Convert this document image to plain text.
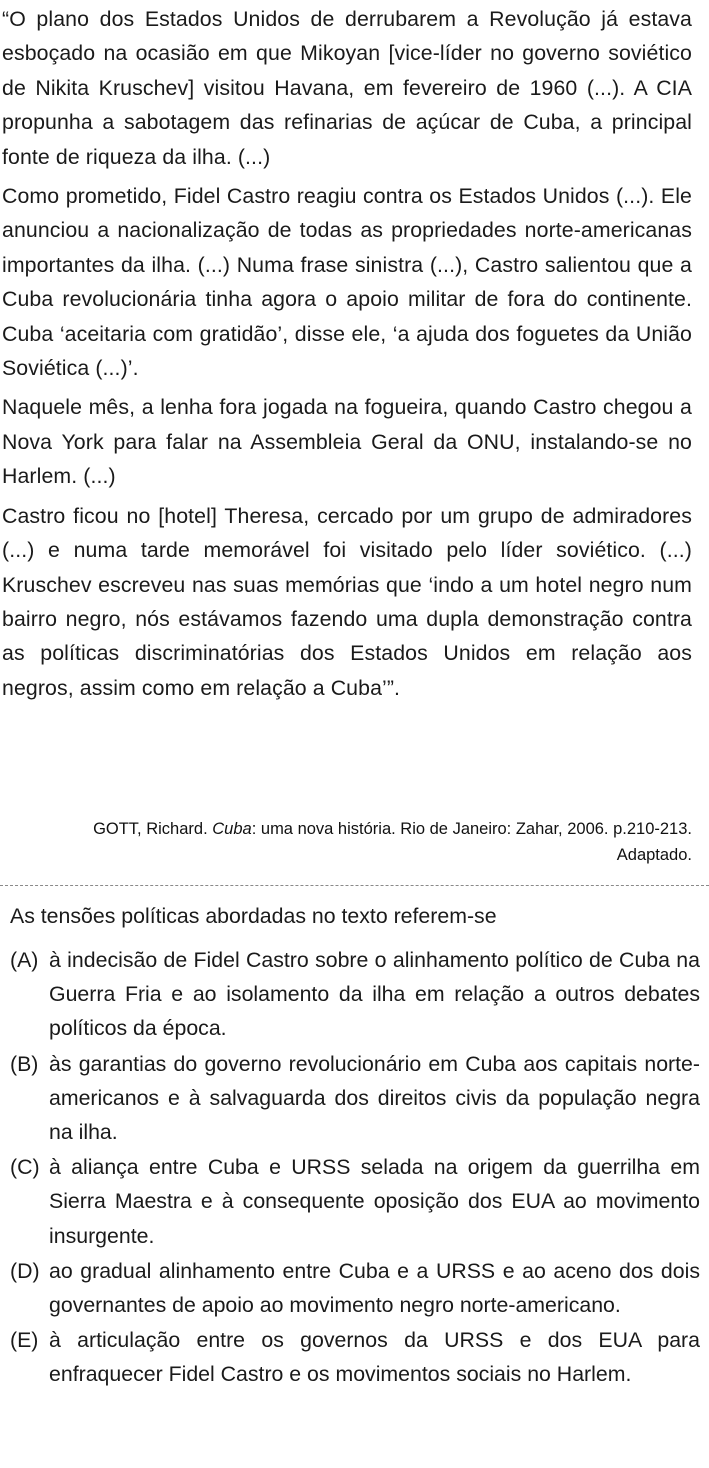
“O plano dos Estados Unidos de derrubarem a Revolução já estava esboçado na ocasião em que Mikoyan [vice-líder no governo soviético de Nikita Kruschev] visitou Havana, em fevereiro de 1960 (...). A CIA propunha a sabotagem das refinarias de açúcar de Cuba, a principal fonte de riqueza da ilha. (...)

Como prometido, Fidel Castro reagiu contra os Estados Unidos (...). Ele anunciou a nacionalização de todas as propriedades norte-americanas importantes da ilha. (...) Numa frase sinistra (...), Castro salientou que a Cuba revolucionária tinha agora o apoio militar de fora do continente. Cuba ‘aceitaria com gratidão’, disse ele, ‘a ajuda dos foguetes da União Soviética (...)’.

Naquele mês, a lenha fora jogada na fogueira, quando Castro chegou a Nova York para falar na Assembleia Geral da ONU, instalando-se no Harlem. (...)

Castro ficou no [hotel] Theresa, cercado por um grupo de admiradores (...) e numa tarde memorável foi visitado pelo líder soviético. (...) Kruschev escreveu nas suas memórias que ‘indo a um hotel negro num bairro negro, nós estávamos fazendo uma dupla demonstração contra as políticas discriminatórias dos Estados Unidos em relação aos negros, assim como em relação a Cuba’”.

GOTT, Richard. Cuba: uma nova história. Rio de Janeiro: Zahar, 2006. p.210-213.
Adaptado.

As tensões políticas abordadas no texto referem-se

(A) à indecisão de Fidel Castro sobre o alinhamento político de Cuba na Guerra Fria e ao isolamento da ilha em relação a outros debates políticos da época.
(B) às garantias do governo revolucionário em Cuba aos capitais norte-americanos e à salvaguarda dos direitos civis da população negra na ilha.
(C) à aliança entre Cuba e URSS selada na origem da guerrilha em Sierra Maestra e à consequente oposição dos EUA ao movimento insurgente.
(D) ao gradual alinhamento entre Cuba e a URSS e ao aceno dos dois governantes de apoio ao movimento negro norte-americano.
(E) à articulação entre os governos da URSS e dos EUA para enfraquecer Fidel Castro e os movimentos sociais no Harlem.
